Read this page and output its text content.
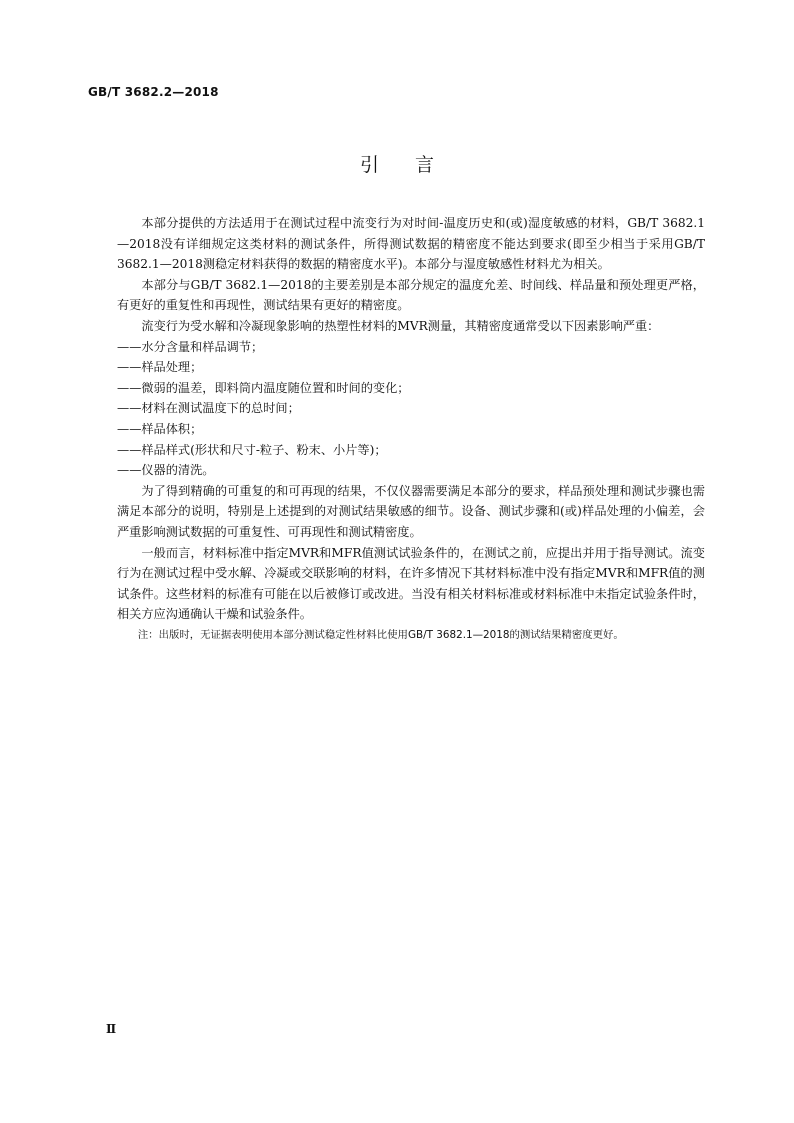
GB/T 3682.2—2018
引言

本部分提供的方法适用于在测试过程中流变行为对时间-温度历史和(或)湿度敏感的材料，GB/T 3682.1—2018没有详细规定这类材料的测试条件，所得测试数据的精密度不能达到要求(即至少相当于采用GB/T 3682.1—2018测稳定材料获得的数据的精密度水平)。本部分与湿度敏感性材料尤为相关。

本部分与GB/T 3682.1—2018的主要差别是本部分规定的温度允差、时间线、样品量和预处理更严格，有更好的重复性和再现性，测试结果有更好的精密度。

流变行为受水解和冷凝现象影响的热塑性材料的MVR测量，其精密度通常受以下因素影响严重：

——水分含量和样品调节；

——样品处理；

——微弱的温差，即料筒内温度随位置和时间的变化；

——材料在测试温度下的总时间；

——样品体积；

——样品样式(形状和尺寸-粒子、粉末、小片等)；

——仪器的清洗。

为了得到精确的可重复的和可再现的结果，不仅仪器需要满足本部分的要求，样品预处理和测试步骤也需满足本部分的说明，特别是上述提到的对测试结果敏感的细节。设备、测试步骤和(或)样品处理的小偏差，会严重影响测试数据的可重复性、可再现性和测试精密度。

一般而言，材料标准中指定MVR和MFR值测试试验条件的，在测试之前，应提出并用于指导测试。流变行为在测试过程中受水解、冷凝或交联影响的材料，在许多情况下其材料标准中没有指定MVR和MFR值的测试条件。这些材料的标准有可能在以后被修订或改进。当没有相关材料标准或材料标准中未指定试验条件时，相关方应沟通确认干燥和试验条件。

注：出版时，无证据表明使用本部分测试稳定性材料比使用GB/T 3682.1—2018的测试结果精密度更好。

Ⅱ
